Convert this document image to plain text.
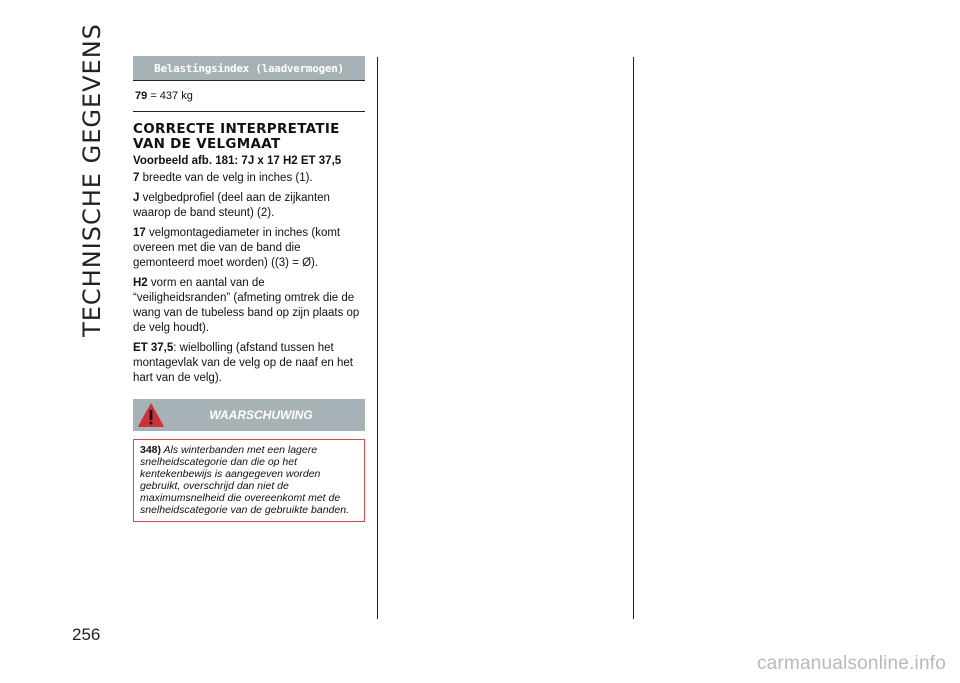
TECHNISCHE GEGEVENS
256
Belastingsindex (laadvermogen)
79 = 437 kg
CORRECTE INTERPRETATIE VAN DE VELGMAAT
Voorbeeld afb. 181: 7J x 17 H2 ET 37,5

7 breedte van de velg in inches (1).

J velgbedprofiel (deel aan de zijkanten waarop de band steunt) (2).

17 velgmontagediameter in inches (komt overeen met die van de band die gemonteerd moet worden) ((3) = Ø).

H2 vorm en aantal van de “veiligheidsranden” (afmeting omtrek die de wang van de tubeless band op zijn plaats op de velg houdt).

ET 37,5: wielbolling (afstand tussen het montagevlak van de velg op de naaf en het hart van de velg).

WAARSCHUWING
348) Als winterbanden met een lagere snelheidscategorie dan die op het kentekenbewijs is aangegeven worden gebruikt, overschrijd dan niet de maximumsnelheid die overeenkomt met de snelheidscategorie van de gebruikte banden.
carmanualsonline.info
